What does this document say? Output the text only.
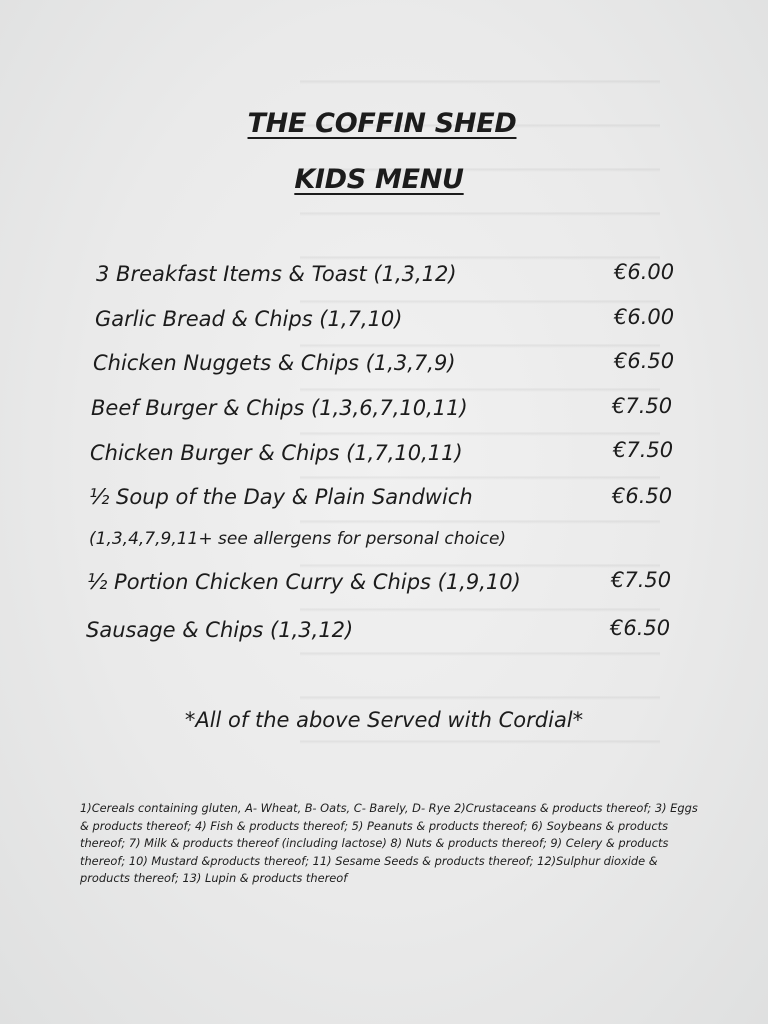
THE COFFIN SHED
KIDS MENU
3 Breakfast Items & Toast (1,3,12)	€6.00
Garlic Bread & Chips (1,7,10)	€6.00
Chicken Nuggets & Chips (1,3,7,9)	€6.50
Beef Burger & Chips (1,3,6,7,10,11)	€7.50
Chicken Burger & Chips (1,7,10,11)	€7.50
½ Soup of the Day & Plain Sandwich	€6.50
(1,3,4,7,9,11+ see allergens for personal choice)
½ Portion Chicken Curry & Chips (1,9,10)	€7.50
Sausage & Chips (1,3,12)	€6.50
*All of the above Served with Cordial*
1)Cereals containing gluten, A- Wheat, B- Oats, C- Barely, D- Rye 2)Crustaceans & products thereof; 3) Eggs & products thereof; 4) Fish & products thereof; 5) Peanuts & products thereof; 6) Soybeans & products thereof; 7) Milk & products thereof (including lactose) 8) Nuts & products thereof; 9) Celery & products thereof; 10) Mustard &products thereof; 11) Sesame Seeds & products thereof; 12)Sulphur dioxide & products thereof; 13) Lupin & products thereof
